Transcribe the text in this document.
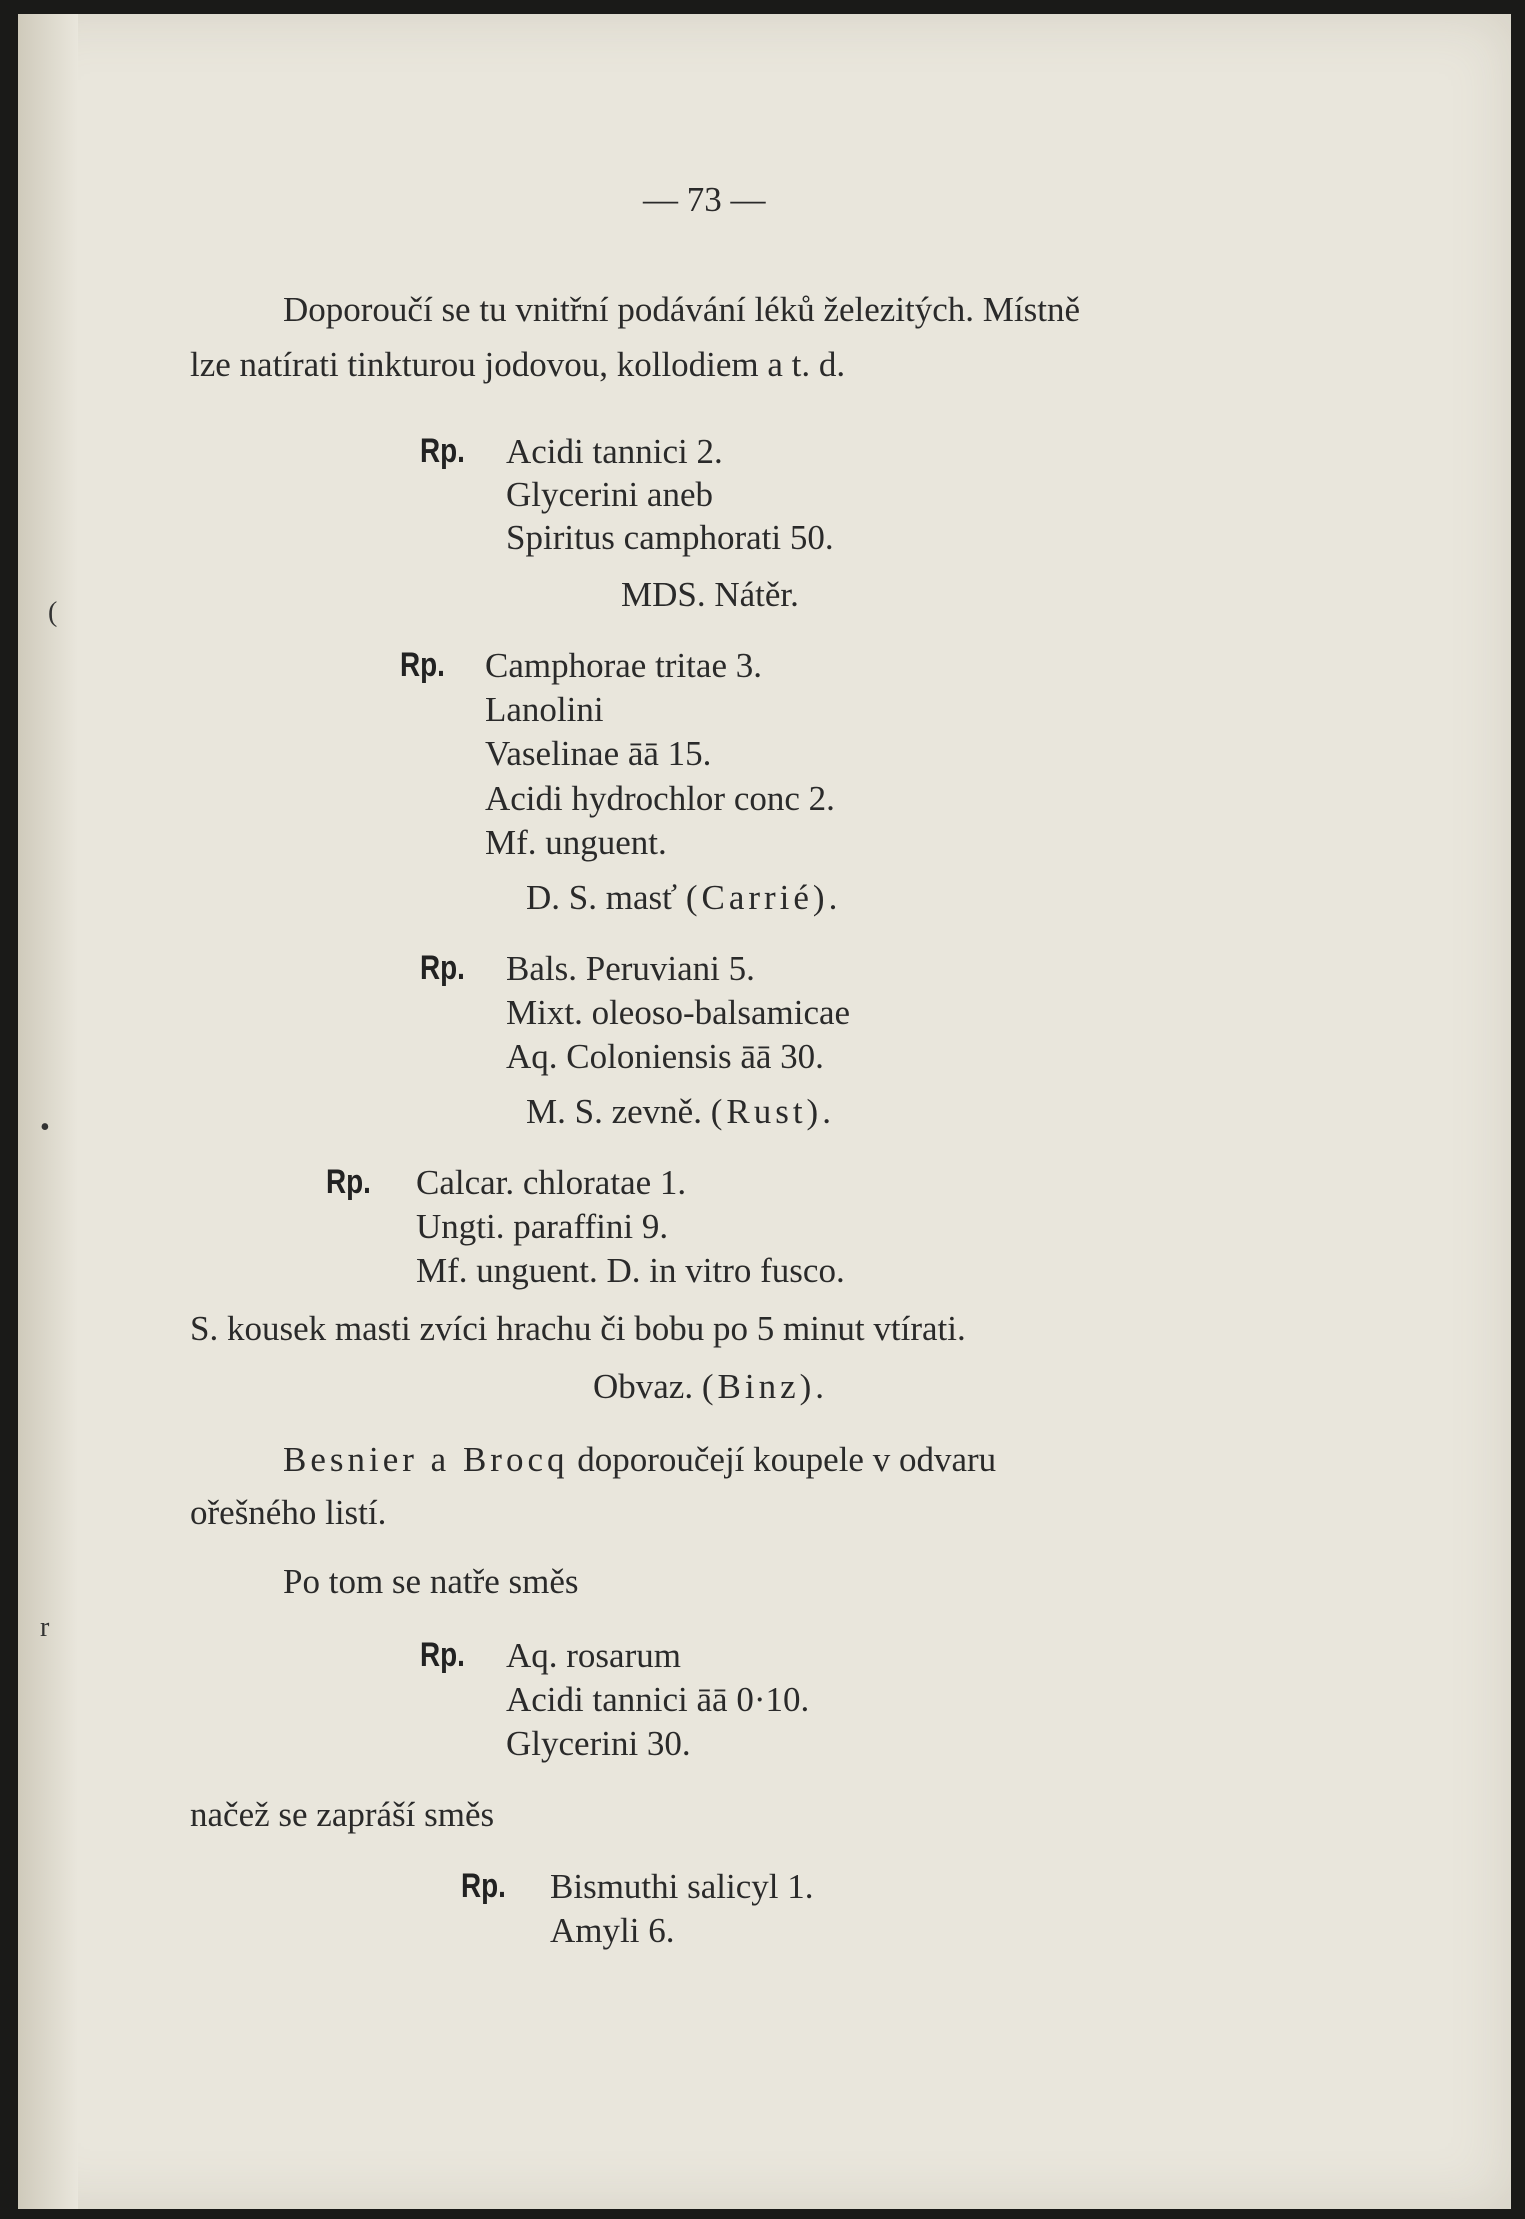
(
•
r
— 73 —
Doporoučí se tu vnitřní podávání léků železitých. Místně
lze natírati tinkturou jodovou, kollodiem a t. d.
Rp. Acidi tannici 2.
Glycerini aneb
Spiritus camphorati 50.
MDS. Nátěr.
Rp. Camphorae tritae 3.
Lanolini
Vaselinae āā 15.
Acidi hydrochlor conc 2.
Mf. unguent.
D. S. masť (Carrié).
Rp. Bals. Peruviani 5.
Mixt. oleoso-balsamicae
Aq. Coloniensis āā 30.
M. S. zevně. (Rust).
Rp. Calcar. chloratae 1.
Ungti. paraffini 9.
Mf. unguent. D. in vitro fusco.
S. kousek masti zvíci hrachu či bobu po 5 minut vtírati.
Obvaz. (Binz).
Besnier a Brocq doporoučejí koupele v odvaru
ořešného listí.
Po tom se natře směs
Rp. Aq. rosarum
Acidi tannici āā 0·10.
Glycerini 30.
načež se zapráší směs
Rp. Bismuthi salicyl 1.
Amyli 6.
